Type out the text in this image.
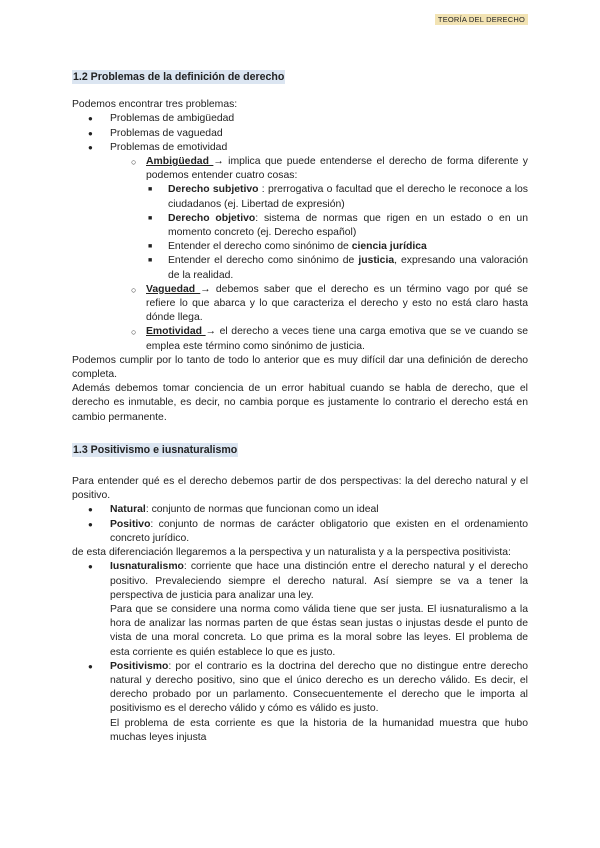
TEORÍA DEL DERECHO
1.2 Problemas de la definición de derecho

Podemos encontrar tres problemas:

● Problemas de ambigüedad
● Problemas de vaguedad
● Problemas de emotividad
○ Ambigüedad → implica que puede entenderse el derecho de forma diferente y podemos entender cuatro cosas:
■ Derecho subjetivo : prerrogativa o facultad que el derecho le reconoce a los ciudadanos (ej. Libertad de expresión)
■ Derecho objetivo: sistema de normas que rigen en un estado o en un momento concreto (ej. Derecho español)
■ Entender el derecho como sinónimo de ciencia jurídica
■ Entender el derecho como sinónimo de justicia, expresando una valoración de la realidad.
○ Vaguedad → debemos saber que el derecho es un término vago por qué se refiere lo que abarca y lo que caracteriza el derecho y esto no está claro hasta dónde llega.
○ Emotividad → el derecho a veces tiene una carga emotiva que se ve cuando se emplea este término como sinónimo de justicia.

Podemos cumplir por lo tanto de todo lo anterior que es muy difícil dar una definición de derecho completa.

Además debemos tomar conciencia de un error habitual cuando se habla de derecho, que el derecho es inmutable, es decir, no cambia porque es justamente lo contrario el derecho está en cambio permanente.

1.3 Positivismo e iusnaturalismo

Para entender qué es el derecho debemos partir de dos perspectivas: la del derecho natural y el positivo.

● Natural: conjunto de normas que funcionan como un ideal
● Positivo: conjunto de normas de carácter obligatorio que existen en el ordenamiento concreto jurídico.

de esta diferenciación llegaremos a la perspectiva y un naturalista y a la perspectiva positivista:

● Iusnaturalismo: corriente que hace una distinción entre el derecho natural y el derecho positivo. Prevaleciendo siempre el derecho natural. Así siempre se va a tener la perspectiva de justicia para analizar una ley.

Para que se considere una norma como válida tiene que ser justa. El iusnaturalismo a la hora de analizar las normas parten de que éstas sean justas o injustas desde el punto de vista de una moral concreta. Lo que prima es la moral sobre las leyes. El problema de esta corriente es quién establece lo que es justo.

● Positivismo: por el contrario es la doctrina del derecho que no distingue entre derecho natural y derecho positivo, sino que el único derecho es un derecho válido. Es decir, el derecho probado por un parlamento. Consecuentemente el derecho que le importa al positivismo es el derecho válido y cómo es válido es justo.

El problema de esta corriente es que la historia de la humanidad muestra que hubo muchas leyes injusta
